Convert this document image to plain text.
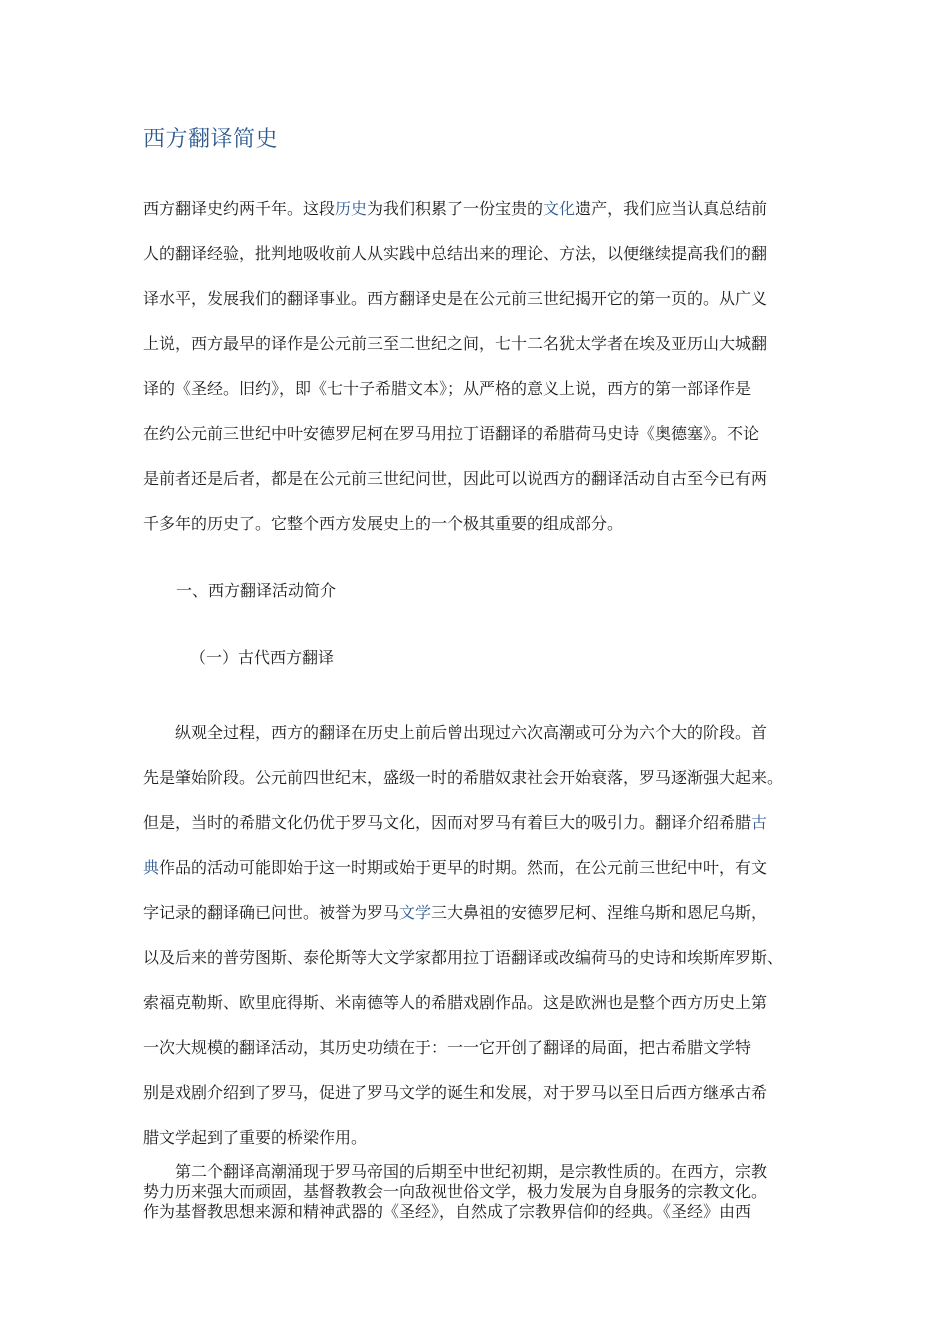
西方翻译简史
西方翻译史约两千年。这段历史为我们积累了一份宝贵的文化遗产，我们应当认真总结前
人的翻译经验，批判地吸收前人从实践中总结出来的理论、方法，以便继续提高我们的翻
译水平，发展我们的翻译事业。西方翻译史是在公元前三世纪揭开它的第一页的。从广义
上说，西方最早的译作是公元前三至二世纪之间，七十二名犹太学者在埃及亚历山大城翻
译的《圣经。旧约》，即《七十子希腊文本》；从严格的意义上说，西方的第一部译作是
在约公元前三世纪中叶安德罗尼柯在罗马用拉丁语翻译的希腊荷马史诗《奥德塞》。不论
是前者还是后者，都是在公元前三世纪问世，因此可以说西方的翻译活动自古至今已有两
千多年的历史了。它整个西方发展史上的一个极其重要的组成部分。
一、西方翻译活动简介
（一）古代西方翻译
纵观全过程，西方的翻译在历史上前后曾出现过六次高潮或可分为六个大的阶段。首
先是肇始阶段。公元前四世纪末，盛级一时的希腊奴隶社会开始衰落，罗马逐渐强大起来。
但是，当时的希腊文化仍优于罗马文化，因而对罗马有着巨大的吸引力。翻译介绍希腊古
典作品的活动可能即始于这一时期或始于更早的时期。然而，在公元前三世纪中叶，有文
字记录的翻译确已问世。被誉为罗马文学三大鼻祖的安德罗尼柯、涅维乌斯和恩尼乌斯，
以及后来的普劳图斯、泰伦斯等大文学家都用拉丁语翻译或改编荷马的史诗和埃斯库罗斯、
索福克勒斯、欧里庇得斯、米南德等人的希腊戏剧作品。这是欧洲也是整个西方历史上第
一次大规模的翻译活动，其历史功绩在于：一一它开创了翻译的局面，把古希腊文学特
别是戏剧介绍到了罗马，促进了罗马文学的诞生和发展，对于罗马以至日后西方继承古希
腊文学起到了重要的桥梁作用。
第二个翻译高潮涌现于罗马帝国的后期至中世纪初期，是宗教性质的。在西方，宗教
势力历来强大而顽固，基督教教会一向敌视世俗文学，极力发展为自身服务的宗教文化。
作为基督教思想来源和精神武器的《圣经》，自然成了宗教界信仰的经典。《圣经》由西
